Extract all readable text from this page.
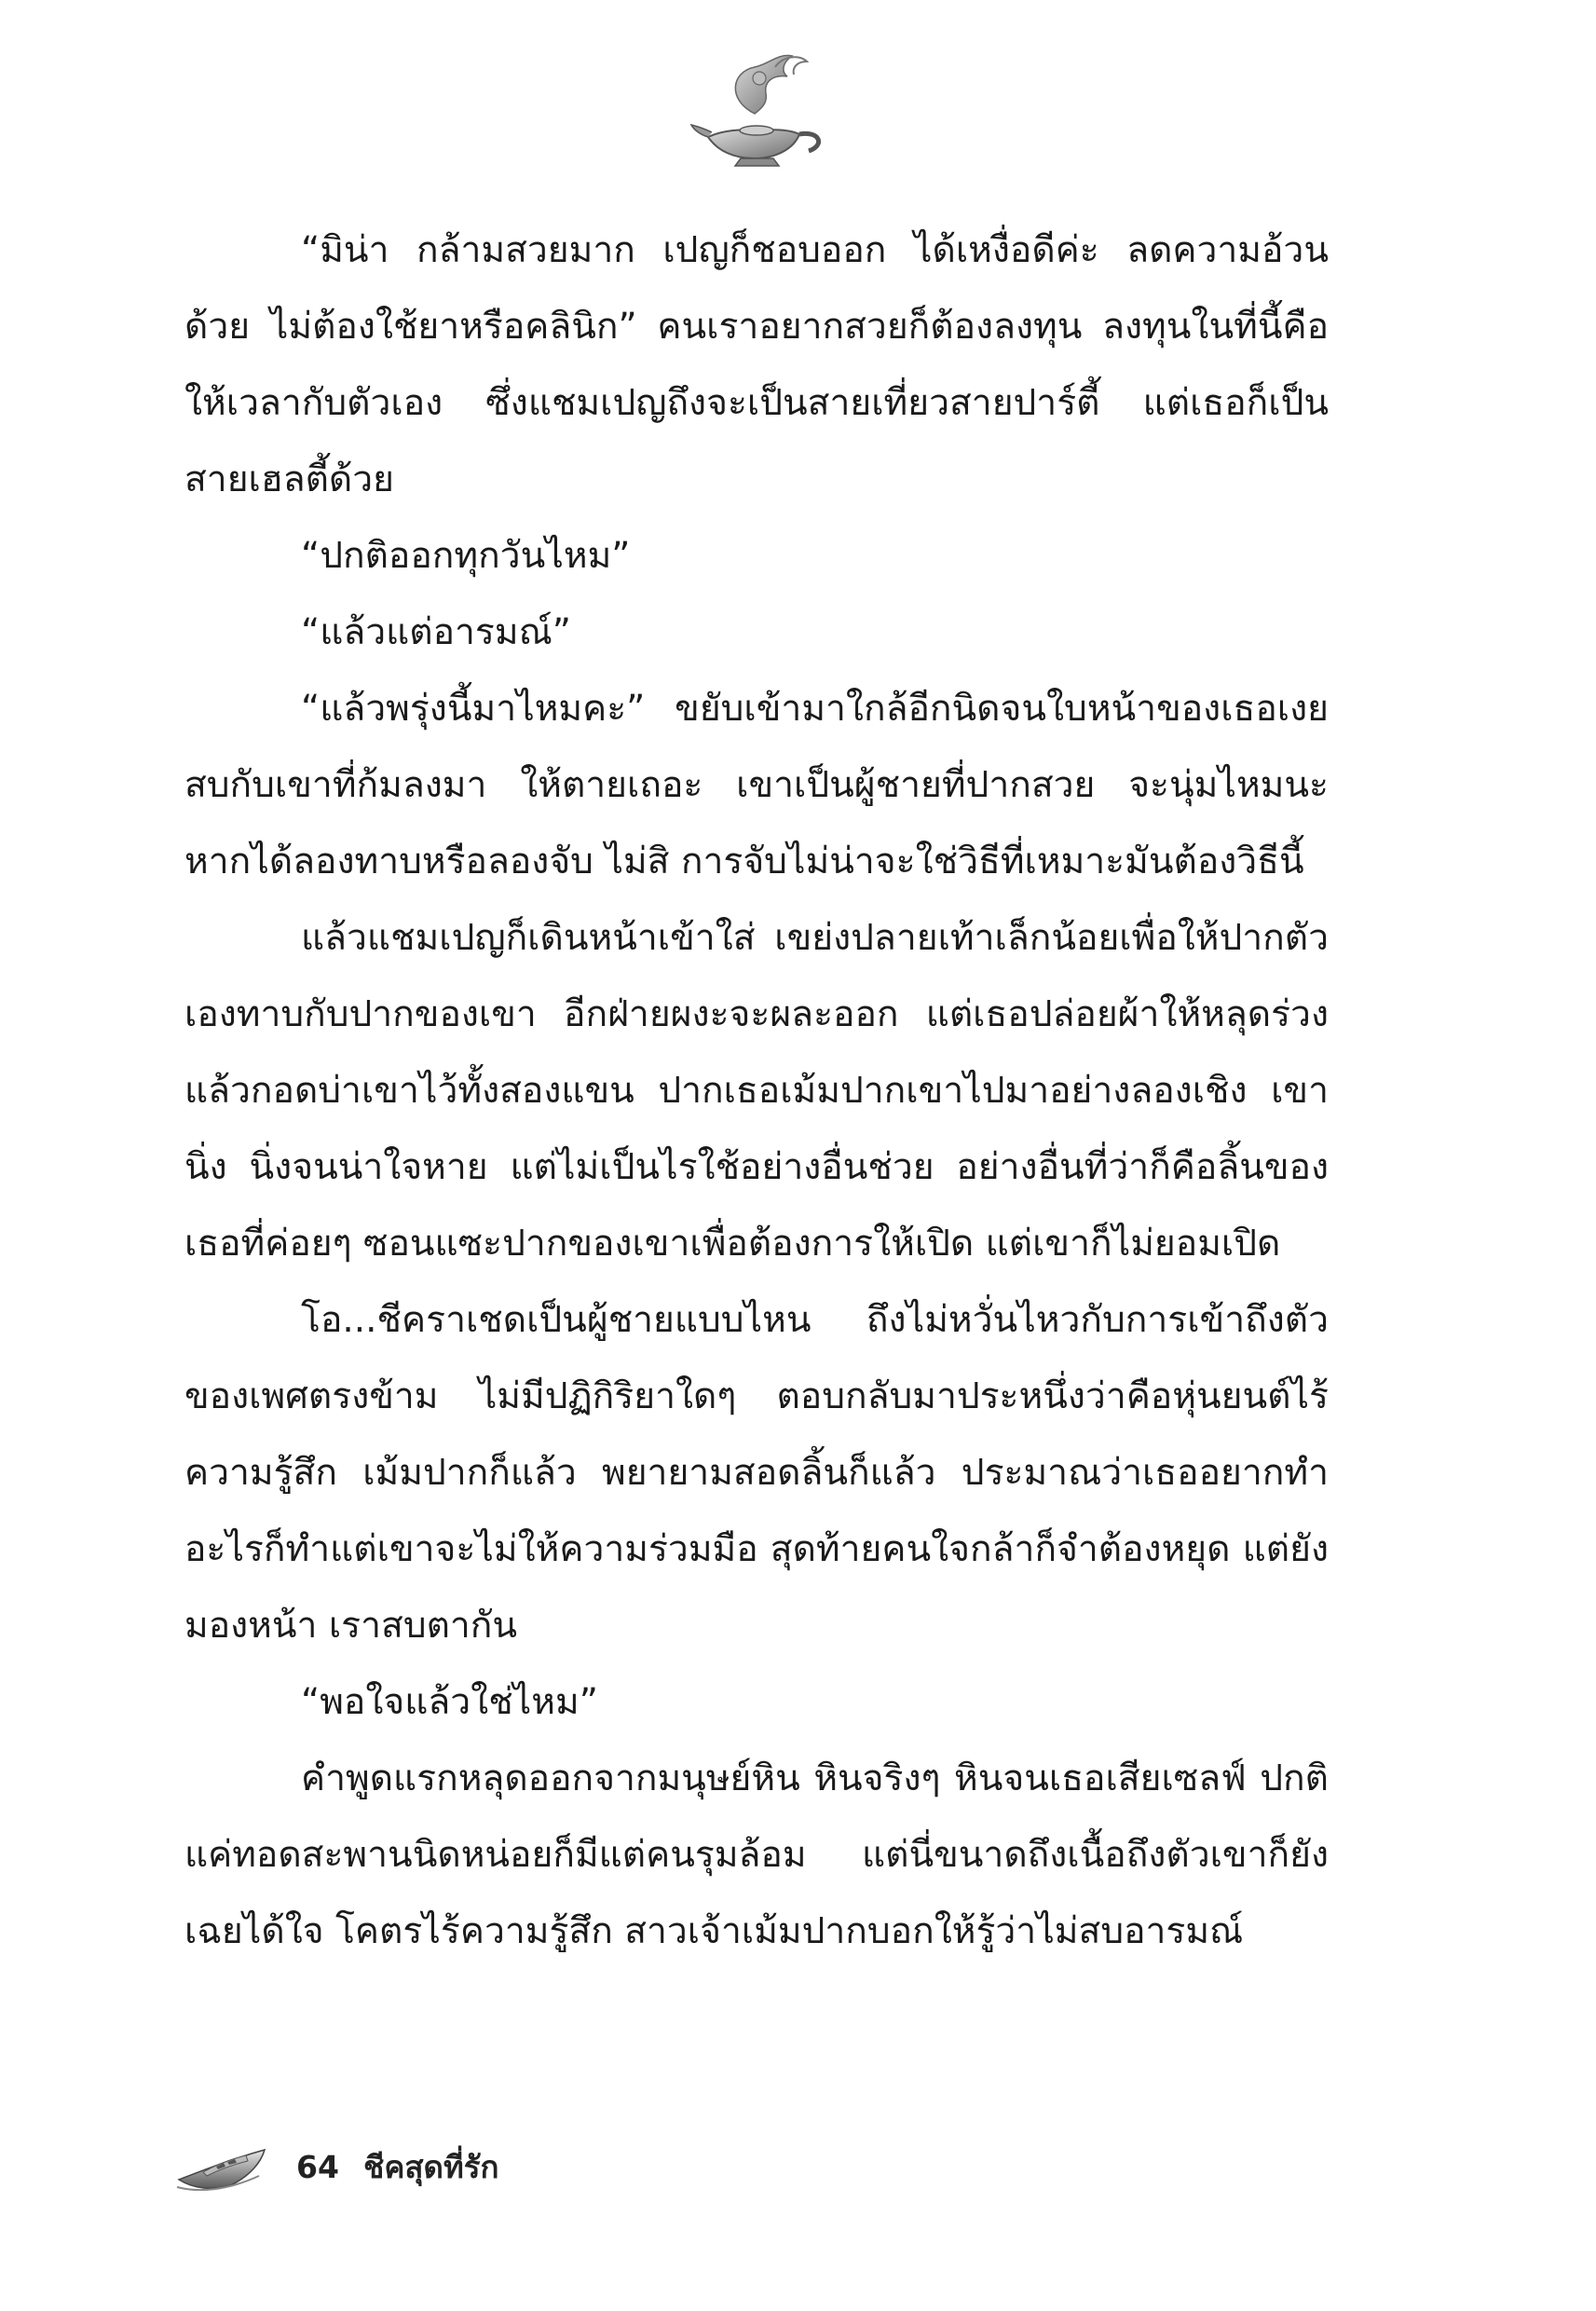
“มิน่า กล้ามสวยมาก เปญก็ชอบออก ได้เหงื่อดีค่ะ ลดความอ้วนด้วย ไม่ต้องใช้ยาหรือคลินิก” คนเราอยากสวยก็ต้องลงทุน ลงทุนในที่นี้คือให้เวลากับตัวเอง ซึ่งแชมเปญถึงจะเป็นสายเที่ยวสายปาร์ตี้ แต่เธอก็เป็นสายเฮลตี้ด้วย

“ปกติออกทุกวันไหม”

“แล้วแต่อารมณ์”

“แล้วพรุ่งนี้มาไหมคะ” ขยับเข้ามาใกล้อีกนิดจนใบหน้าของเธอเงยสบกับเขาที่ก้มลงมา ให้ตายเถอะ เขาเป็นผู้ชายที่ปากสวย จะนุ่มไหมนะหากได้ลองทาบหรือลองจับ ไม่สิ การจับไม่น่าจะใช่วิธีที่เหมาะมันต้องวิธีนี้

แล้วแชมเปญก็เดินหน้าเข้าใส่ เขย่งปลายเท้าเล็กน้อยเพื่อให้ปากตัวเองทาบกับปากของเขา อีกฝ่ายผงะจะผละออก แต่เธอปล่อยผ้าให้หลุดร่วงแล้วกอดบ่าเขาไว้ทั้งสองแขน ปากเธอเม้มปากเขาไปมาอย่างลองเชิง เขานิ่ง นิ่งจนน่าใจหาย แต่ไม่เป็นไรใช้อย่างอื่นช่วย อย่างอื่นที่ว่าก็คือลิ้นของเธอที่ค่อยๆ ซอนแซะปากของเขาเพื่อต้องการให้เปิด แต่เขาก็ไม่ยอมเปิด

โอ...ชีคราเชดเป็นผู้ชายแบบไหน ถึงไม่หวั่นไหวกับการเข้าถึงตัวของเพศตรงข้าม ไม่มีปฏิกิริยาใดๆ ตอบกลับมาประหนึ่งว่าคือหุ่นยนต์ไร้ความรู้สึก เม้มปากก็แล้ว พยายามสอดลิ้นก็แล้ว ประมาณว่าเธออยากทำอะไรก็ทำแต่เขาจะไม่ให้ความร่วมมือ สุดท้ายคนใจกล้าก็จำต้องหยุด แต่ยังมองหน้า เราสบตากัน

“พอใจแล้วใช่ไหม”

คำพูดแรกหลุดออกจากมนุษย์หิน หินจริงๆ หินจนเธอเสียเซลฟ์ ปกติแค่ทอดสะพานนิดหน่อยก็มีแต่คนรุมล้อม แต่นี่ขนาดถึงเนื้อถึงตัวเขาก็ยังเฉยได้ใจ โคตรไร้ความรู้สึก สาวเจ้าเม้มปากบอกให้รู้ว่าไม่สบอารมณ์

64 ชีคสุดที่รัก
